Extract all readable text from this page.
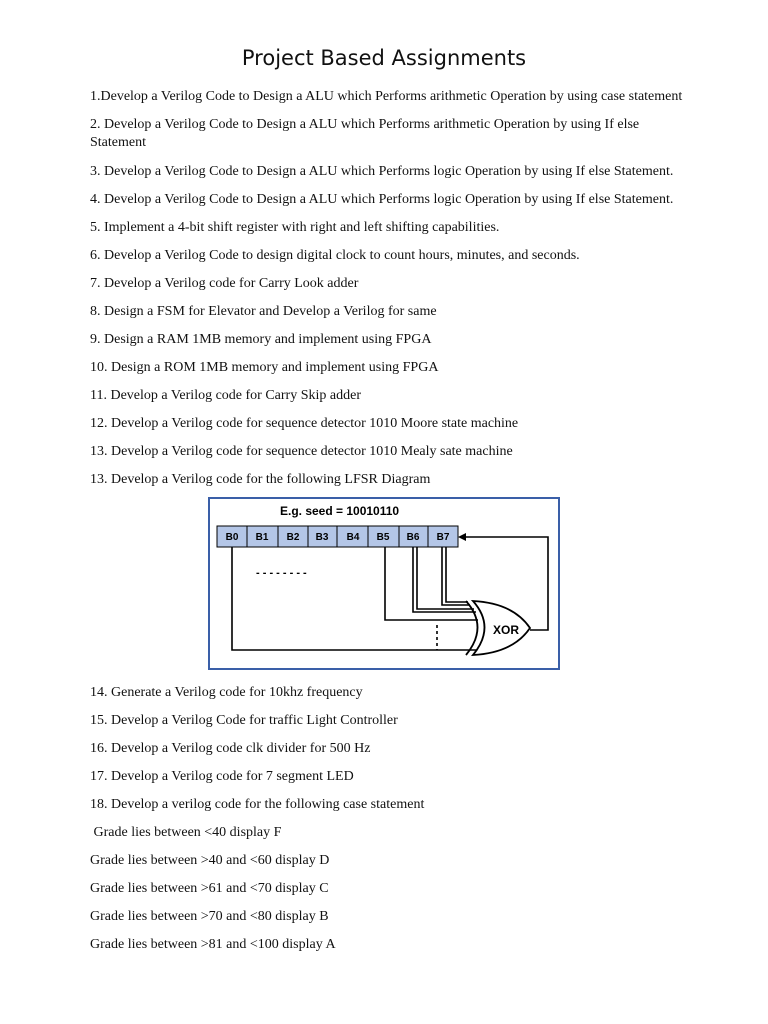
Project Based Assignments
1.Develop a Verilog Code to Design a ALU which Performs arithmetic Operation by using case statement
2. Develop a Verilog Code to Design a ALU which Performs arithmetic Operation by using If else Statement
3. Develop a Verilog Code to Design a ALU which Performs logic Operation by using If else Statement.
4. Develop a Verilog Code to Design a ALU which Performs logic Operation by using If else Statement.
5. Implement a 4-bit shift register with right and left shifting capabilities.
6. Develop a Verilog Code to design digital clock to count hours, minutes, and seconds.
7. Develop a Verilog code for Carry Look adder
8. Design a FSM for Elevator and Develop a Verilog for same
9. Design a RAM 1MB memory and implement using FPGA
10. Design a ROM 1MB memory and implement using FPGA
11. Develop a Verilog code for Carry Skip adder
12. Develop a Verilog code for sequence detector 1010 Moore state machine
13. Develop a Verilog code for sequence detector 1010 Mealy sate machine
13. Develop a Verilog code for the following LFSR Diagram
E.g. seed = 10010110
B0 B1 B2 B3 B4 B5 B6 B7
- - - - - - - -
XOR
14. Generate a Verilog code for 10khz frequency
15. Develop a Verilog Code for traffic Light Controller
16. Develop a Verilog code clk divider for 500 Hz
17. Develop a Verilog code for 7 segment LED
18. Develop a verilog code for the following case statement
Grade lies between <40 display F
Grade lies between >40 and <60 display D
Grade lies between >61 and <70 display C
Grade lies between >70 and <80 display B
Grade lies between >81 and <100 display A
